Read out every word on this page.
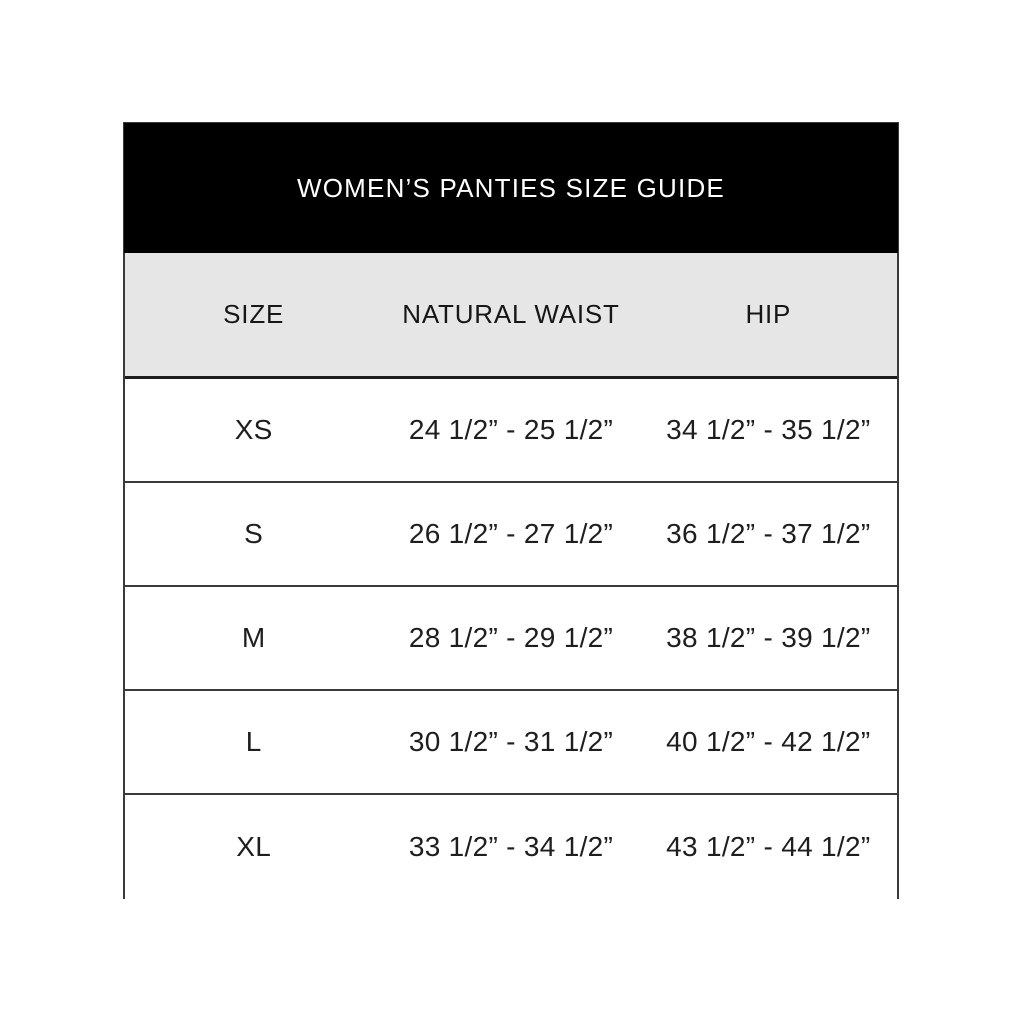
WOMEN’S PANTIES SIZE GUIDE
SIZE	NATURAL WAIST	HIP
XS	24 1/2” - 25 1/2”	34 1/2” - 35 1/2”
S	26 1/2” - 27 1/2”	36 1/2” - 37 1/2”
M	28 1/2” - 29 1/2”	38 1/2” - 39 1/2”
L	30 1/2” - 31 1/2”	40 1/2” - 42 1/2”
XL	33 1/2” - 34 1/2”	43 1/2” - 44 1/2”
